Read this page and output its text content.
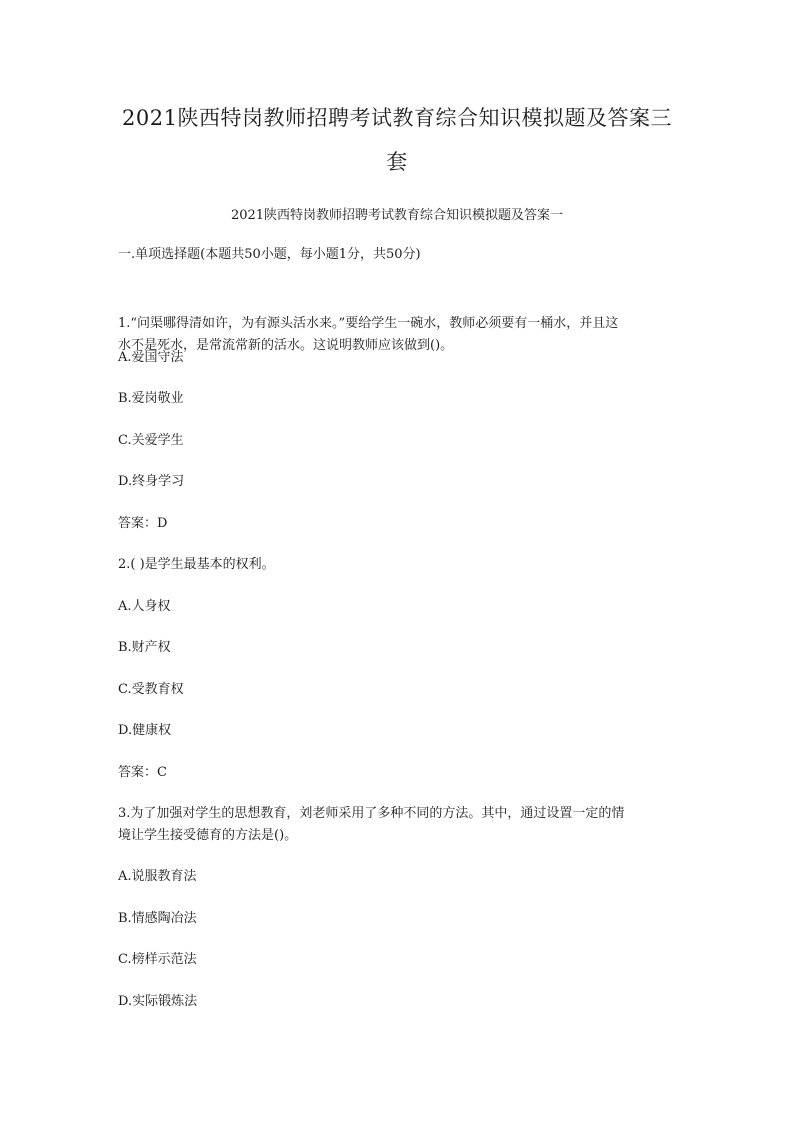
2021陕西特岗教师招聘考试教育综合知识模拟题及答案三
套
2021陕西特岗教师招聘考试教育综合知识模拟题及答案一
一.单项选择题(本题共50小题，每小题1分，共50分)
1.“问渠哪得清如许，为有源头活水来。”要给学生一碗水，教师必须要有一桶水，并且这
水不是死水，是常流常新的活水。这说明教师应该做到()。
A.爱国守法
B.爱岗敬业
C.关爱学生
D.终身学习
答案：D
2.( )是学生最基本的权利。
A.人身权
B.财产权
C.受教育权
D.健康权
答案：C
3.为了加强对学生的思想教育，刘老师采用了多种不同的方法。其中，通过设置一定的情
境让学生接受德育的方法是()。
A.说服教育法
B.情感陶冶法
C.榜样示范法
D.实际锻炼法
